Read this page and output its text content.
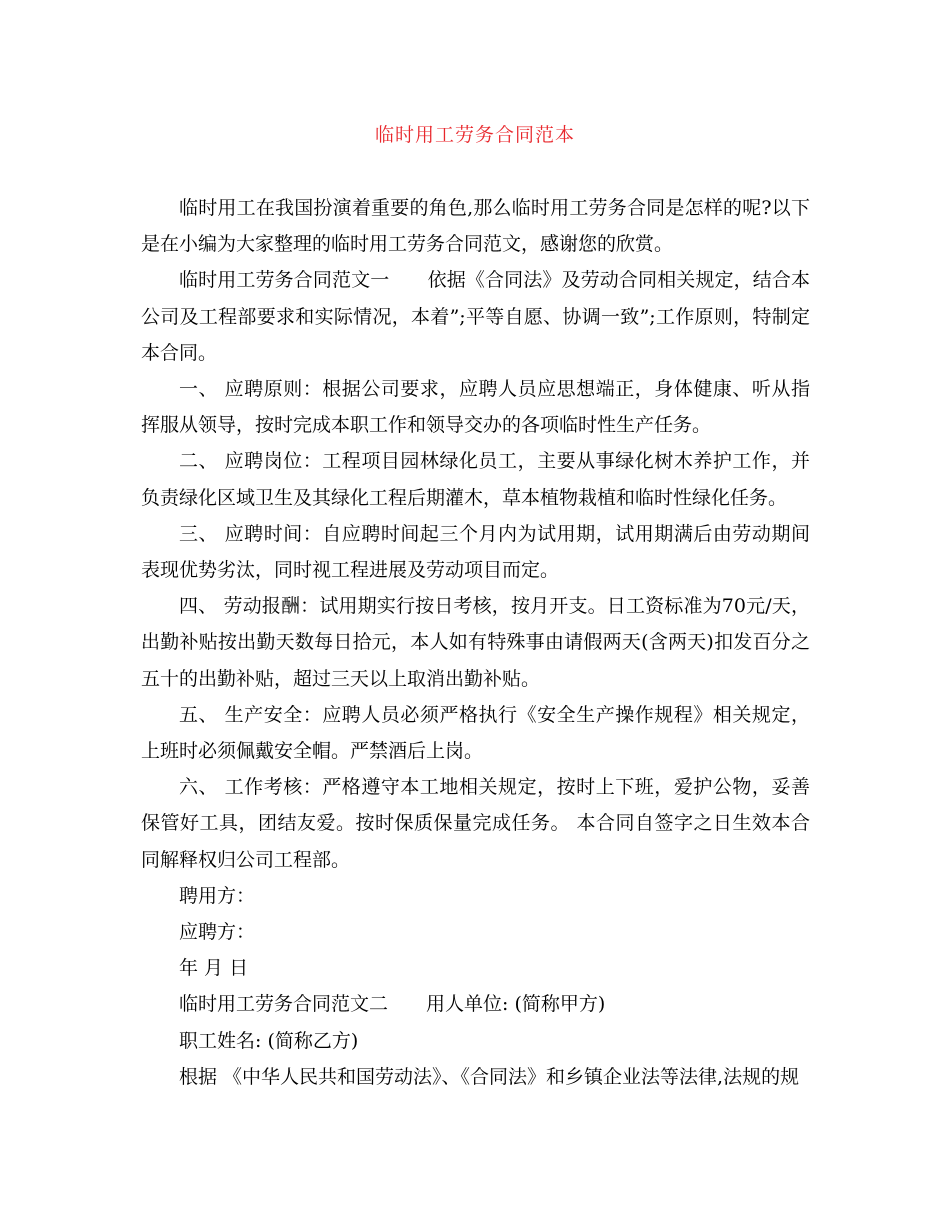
临时用工劳务合同范本

临时用工在我国扮演着重要的角色,那么临时用工劳务合同是怎样的呢?以下是在小编为大家整理的临时用工劳务合同范文，感谢您的欣赏。

临时用工劳务合同范文一　　依据《合同法》及劳动合同相关规定，结合本公司及工程部要求和实际情况，本着”;平等自愿、协调一致”;工作原则，特制定本合同。

一、 应聘原则：根据公司要求，应聘人员应思想端正，身体健康、听从指挥服从领导，按时完成本职工作和领导交办的各项临时性生产任务。

二、 应聘岗位：工程项目园林绿化员工，主要从事绿化树木养护工作，并负责绿化区域卫生及其绿化工程后期灌木，草本植物栽植和临时性绿化任务。

三、 应聘时间：自应聘时间起三个月内为试用期，试用期满后由劳动期间表现优势劣汰，同时视工程进展及劳动项目而定。

四、 劳动报酬：试用期实行按日考核，按月开支。日工资标准为70元/天，出勤补贴按出勤天数每日拾元，本人如有特殊事由请假两天(含两天)扣发百分之五十的出勤补贴，超过三天以上取消出勤补贴。

五、 生产安全：应聘人员必须严格执行《安全生产操作规程》相关规定，上班时必须佩戴安全帽。严禁酒后上岗。

六、 工作考核：严格遵守本工地相关规定，按时上下班，爱护公物，妥善保管好工具，团结友爱。按时保质保量完成任务。 本合同自签字之日生效本合同解释权归公司工程部。

聘用方：

应聘方：

年 月 日

临时用工劳务合同范文二　　用人单位: (简称甲方)

职工姓名: (简称乙方)

根据 《中华人民共和国劳动法》、《合同法》和乡镇企业法等法律,法规的规
